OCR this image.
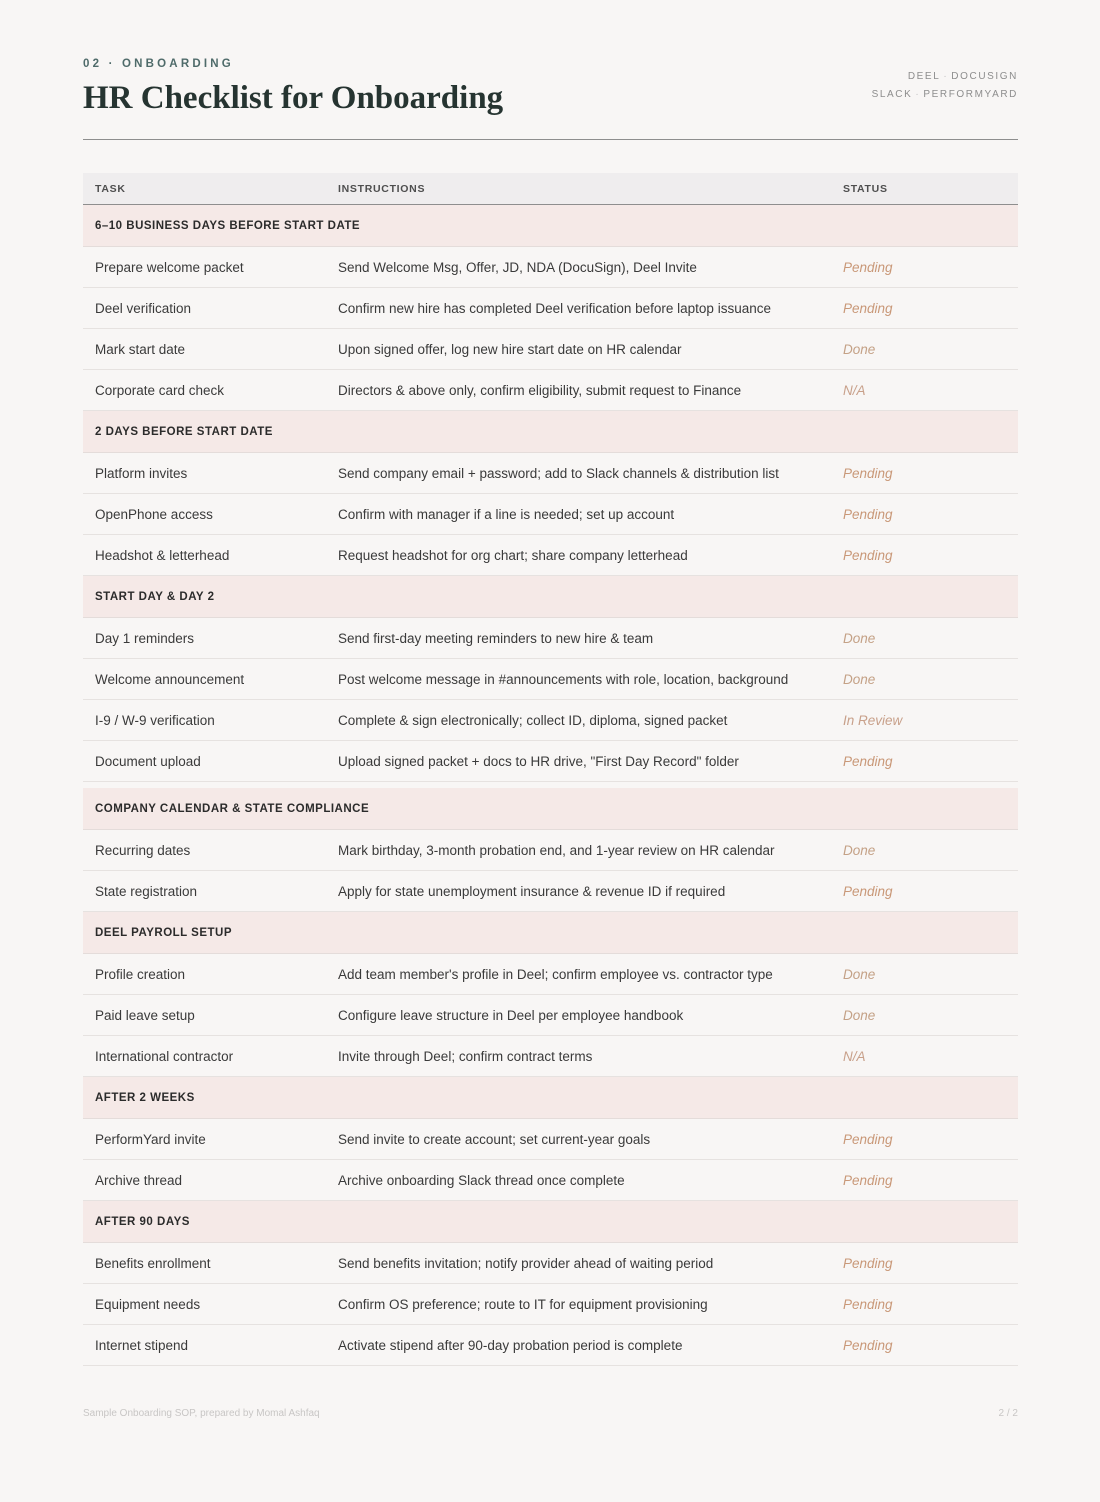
02 · ONBOARDING
HR Checklist for Onboarding
DEEL · DOCUSIGN
SLACK · PERFORMYARD
TASK	INSTRUCTIONS	STATUS
6–10 BUSINESS DAYS BEFORE START DATE		
Prepare welcome packet	Send Welcome Msg, Offer, JD, NDA (DocuSign), Deel Invite	Pending
Deel verification	Confirm new hire has completed Deel verification before laptop issuance	Pending
Mark start date	Upon signed offer, log new hire start date on HR calendar	Done
Corporate card check	Directors & above only, confirm eligibility, submit request to Finance	N/A
2 DAYS BEFORE START DATE		
Platform invites	Send company email + password; add to Slack channels & distribution list	Pending
OpenPhone access	Confirm with manager if a line is needed; set up account	Pending
Headshot & letterhead	Request headshot for org chart; share company letterhead	Pending
START DAY & DAY 2		
Day 1 reminders	Send first-day meeting reminders to new hire & team	Done
Welcome announcement	Post welcome message in #announcements with role, location, background	Done
I-9 / W-9 verification	Complete & sign electronically; collect ID, diploma, signed packet	In Review
Document upload	Upload signed packet + docs to HR drive, "First Day Record" folder	Pending

COMPANY CALENDAR & STATE COMPLIANCE		
Recurring dates	Mark birthday, 3-month probation end, and 1-year review on HR calendar	Done
State registration	Apply for state unemployment insurance & revenue ID if required	Pending
DEEL PAYROLL SETUP		
Profile creation	Add team member's profile in Deel; confirm employee vs. contractor type	Done
Paid leave setup	Configure leave structure in Deel per employee handbook	Done
International contractor	Invite through Deel; confirm contract terms	N/A
AFTER 2 WEEKS		
PerformYard invite	Send invite to create account; set current-year goals	Pending
Archive thread	Archive onboarding Slack thread once complete	Pending
AFTER 90 DAYS		
Benefits enrollment	Send benefits invitation; notify provider ahead of waiting period	Pending
Equipment needs	Confirm OS preference; route to IT for equipment provisioning	Pending
Internet stipend	Activate stipend after 90-day probation period is complete	Pending
Sample Onboarding SOP, prepared by Momal Ashfaq	2 / 2
